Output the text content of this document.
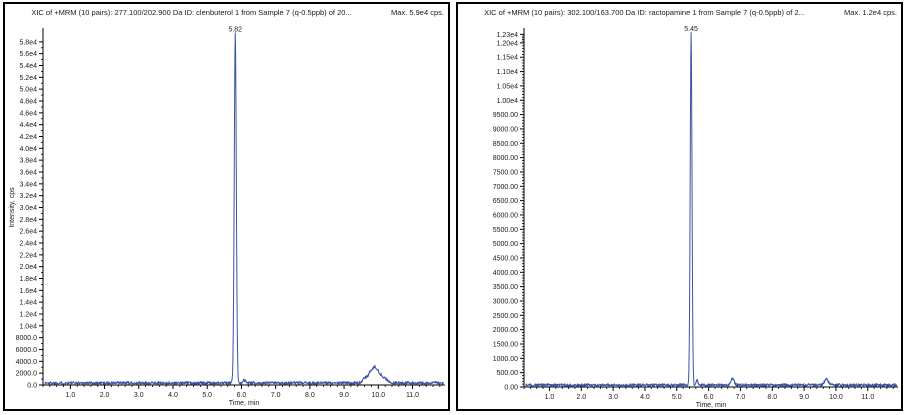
XIC of +MRM (10 pairs): 277.100/202.900 Da ID: clenbuterol 1 from Sample 7 (q-0.5ppb) of 20...	Max. 5.9e4 cps.
0.0
2000.0
4000.0
6000.0
8000.0
1.0e4
1.2e4
1.4e4
1.6e4
1.8e4
2.0e4
2.2e4
2.4e4
2.6e4
2.8e4
3.0e4
3.2e4
3.4e4
3.6e4
3.8e4
4.0e4
4.2e4
4.4e4
4.6e4
4.8e4
5.0e4
5.2e4
5.4e4
5.6e4
5.8e4
1.0	2.0	3.0	4.0	5.0	6.0	7.0	8.0	9.0	10.0	11.0
Time, min
Intensity, cps
5.82
XIC of +MRM (10 pairs): 302.100/163.700 Da ID: ractopamine 1 from Sample 7 (q-0.5ppb) of 2...	Max. 1.2e4 cps.
0.00
500.00
1000.00
1500.00
2000.00
2500.00
3000.00
3500.00
4000.00
4500.00
5000.00
5500.00
6000.00
6500.00
7000.00
7500.00
8000.00
8500.00
9000.00
9500.00
1.00e4
1.05e4
1.10e4
1.15e4
1.20e4
1.23e4
1.0	2.0	3.0	4.0	5.0	6.0	7.0	8.0	9.0	10.0	11.0
Time, min
5.45
